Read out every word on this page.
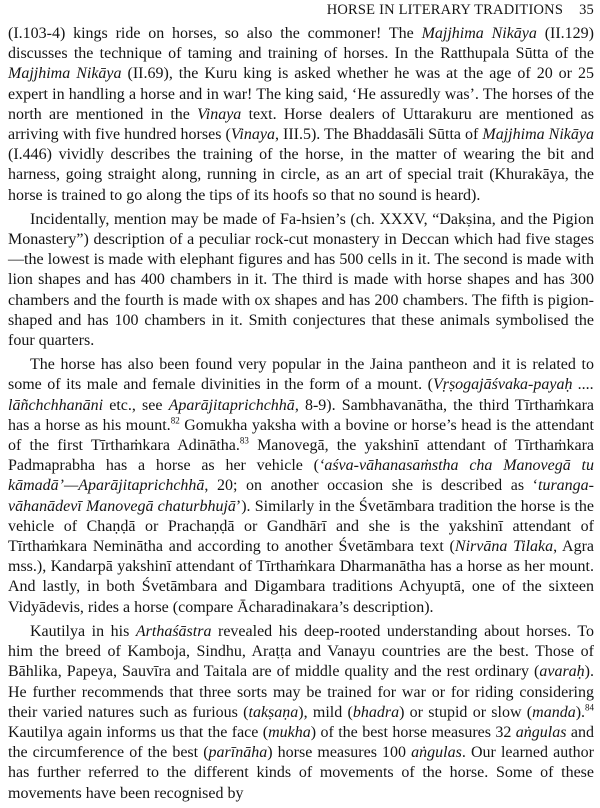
HORSE IN LITERARY TRADITIONS 35

(I.103-4) kings ride on horses, so also the commoner! The Majjhima Nikāya (II.129) discusses the technique of taming and training of horses. In the Ratthupala Sūtta of the Majjhima Nikāya (II.69), the Kuru king is asked whether he was at the age of 20 or 25 expert in handling a horse and in war! The king said, ‘He assuredly was’. The horses of the north are mentioned in the Vinaya text. Horse dealers of Uttarakuru are mentioned as arriving with five hundred horses (Vinaya, III.5). The Bhaddasāli Sūtta of Majjhima Nikāya (I.446) vividly describes the training of the horse, in the matter of wearing the bit and harness, going straight along, running in circle, as an art of special trait (Khurakāya, the horse is trained to go along the tips of its hoofs so that no sound is heard).

Incidentally, mention may be made of Fa-hsien’s (ch. XXXV, “Dakṣina, and the Pigion Monastery”) description of a peculiar rock-cut monastery in Deccan which had five stages—the lowest is made with elephant figures and has 500 cells in it. The second is made with lion shapes and has 400 chambers in it. The third is made with horse shapes and has 300 chambers and the fourth is made with ox shapes and has 200 chambers. The fifth is pigion-shaped and has 100 chambers in it. Smith conjectures that these animals symbolised the four quarters.

The horse has also been found very popular in the Jaina pantheon and it is related to some of its male and female divinities in the form of a mount. (Vṛṣogajāśvaka-payaḥ .... lāñchchhanāni etc., see Aparājitaprichchhā, 8-9). Sambhavanātha, the third Tīrthaṁkara has a horse as his mount.$^{82}$ Gomukha yaksha with a bovine or horse’s head is the attendant of the first Tīrthaṁkara Adinātha.$^{83}$ Manovegā, the yakshinī attendant of Tīrthaṁkara Padmaprabha has a horse as her vehicle (‘aśva-vāhanasaṁstha cha Manovegā tu kāmadā’—Aparājitaprichchhā, 20; on another occasion she is described as ‘turanga-vāhanādevī Manovegā chaturbhujā’). Similarly in the Śvetāmbara tradition the horse is the vehicle of Chaṇḍā or Prachaṇḍā or Gandhārī and she is the yakshinī attendant of Tīrthaṁkara Neminātha and according to another Śvetāmbara text (Nirvāna Tilaka, Agra mss.), Kandarpā yakshinī attendant of Tīrthaṁkara Dharmanātha has a horse as her mount. And lastly, in both Śvetāmbara and Digambara traditions Achyuptā, one of the sixteen Vidyādevis, rides a horse (compare Ācharadinakara’s description).

Kautilya in his Arthaśāstra revealed his deep-rooted understanding about horses. To him the breed of Kamboja, Sindhu, Araṭṭa and Vanayu countries are the best. Those of Bāhlika, Papeya, Sauvīra and Taitala are of middle quality and the rest ordinary (avaraḥ). He further recommends that three sorts may be trained for war or for riding considering their varied natures such as furious (takṣaṇa), mild (bhadra) or stupid or slow (manda).$^{84}$ Kautilya again informs us that the face (mukha) of the best horse measures 32 aṅgulas and the circumference of the best (parīnāha) horse measures 100 aṅgulas. Our learned author has further referred to the different kinds of movements of the horse. Some of these movements have been recognised by
